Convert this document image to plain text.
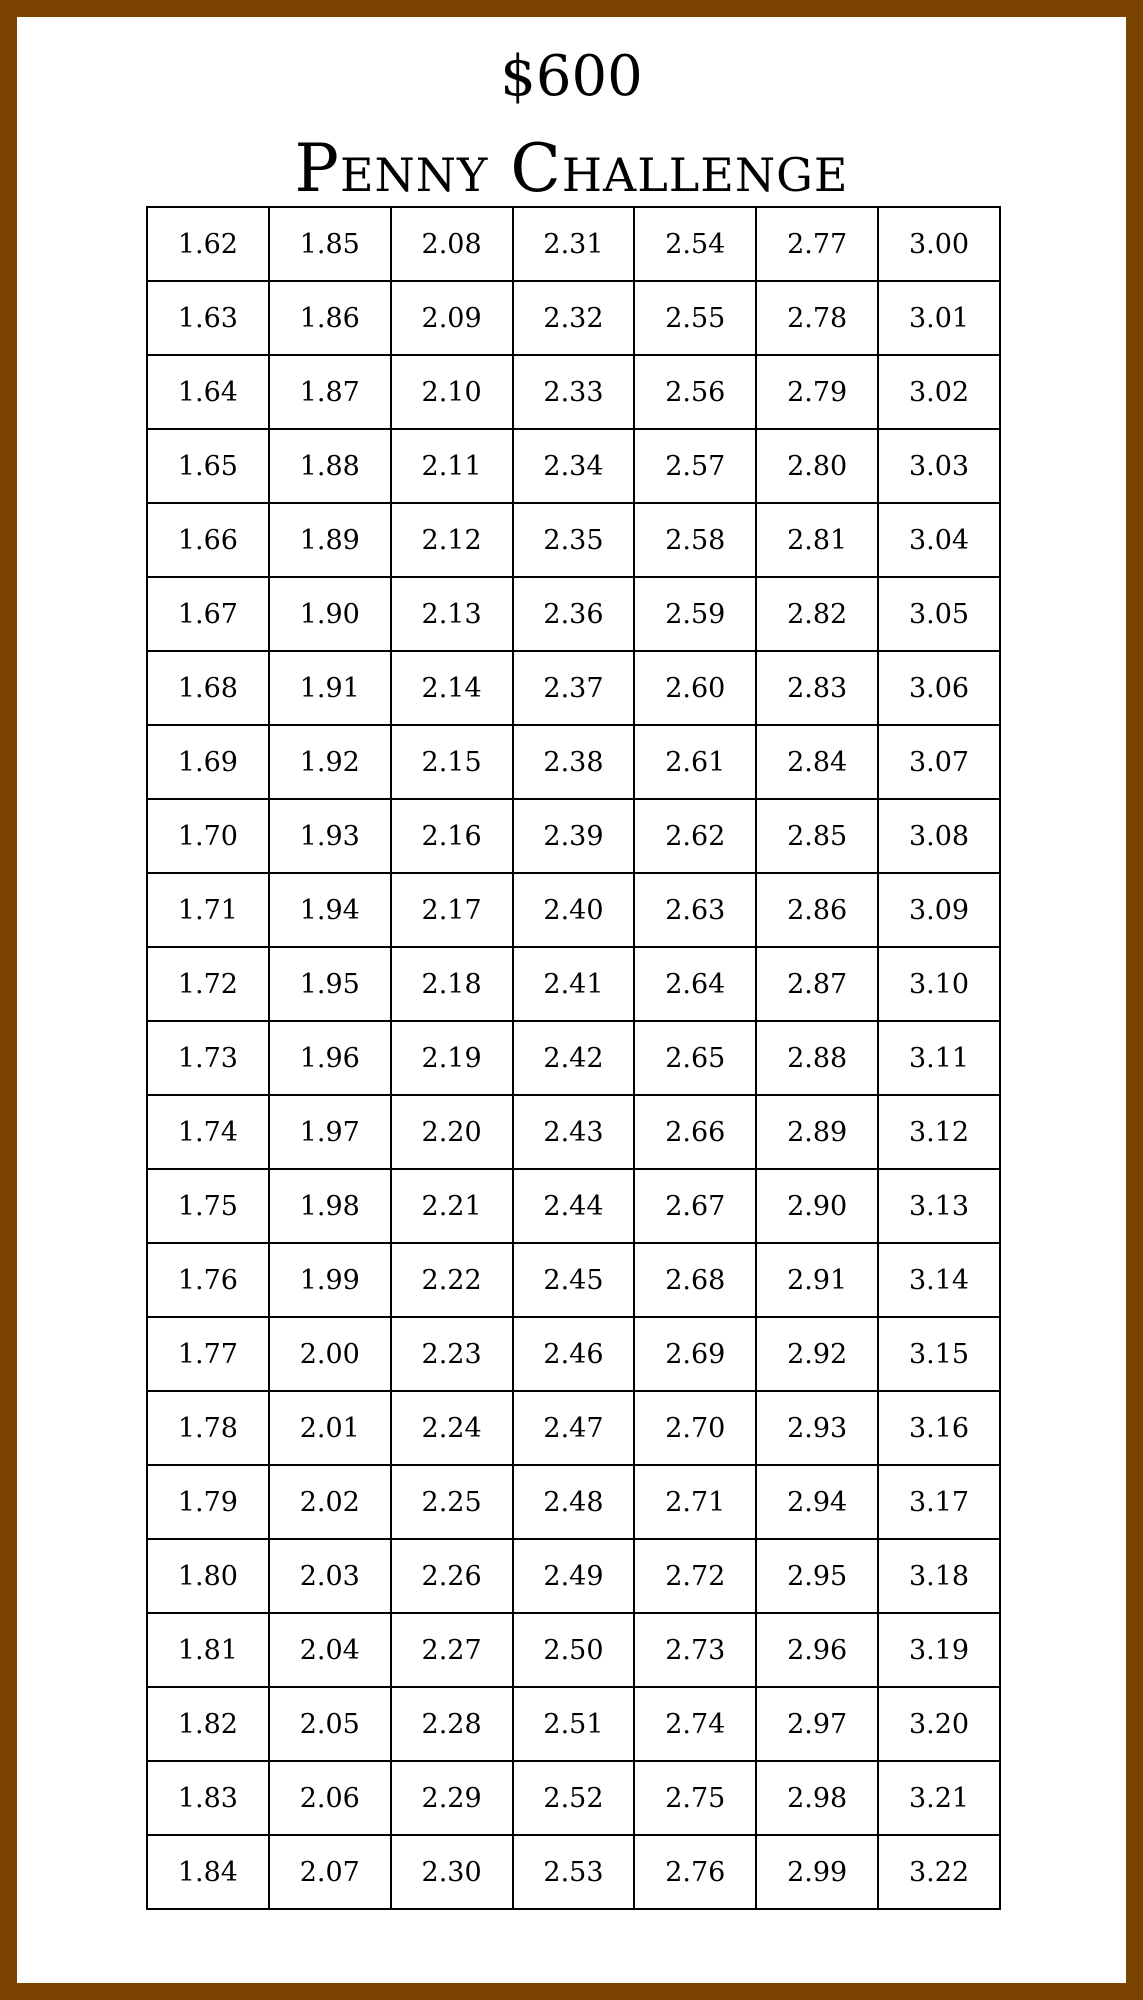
$600
Penny Challenge
1.62	1.85	2.08	2.31	2.54	2.77	3.00
1.63	1.86	2.09	2.32	2.55	2.78	3.01
1.64	1.87	2.10	2.33	2.56	2.79	3.02
1.65	1.88	2.11	2.34	2.57	2.80	3.03
1.66	1.89	2.12	2.35	2.58	2.81	3.04
1.67	1.90	2.13	2.36	2.59	2.82	3.05
1.68	1.91	2.14	2.37	2.60	2.83	3.06
1.69	1.92	2.15	2.38	2.61	2.84	3.07
1.70	1.93	2.16	2.39	2.62	2.85	3.08
1.71	1.94	2.17	2.40	2.63	2.86	3.09
1.72	1.95	2.18	2.41	2.64	2.87	3.10
1.73	1.96	2.19	2.42	2.65	2.88	3.11
1.74	1.97	2.20	2.43	2.66	2.89	3.12
1.75	1.98	2.21	2.44	2.67	2.90	3.13
1.76	1.99	2.22	2.45	2.68	2.91	3.14
1.77	2.00	2.23	2.46	2.69	2.92	3.15
1.78	2.01	2.24	2.47	2.70	2.93	3.16
1.79	2.02	2.25	2.48	2.71	2.94	3.17
1.80	2.03	2.26	2.49	2.72	2.95	3.18
1.81	2.04	2.27	2.50	2.73	2.96	3.19
1.82	2.05	2.28	2.51	2.74	2.97	3.20
1.83	2.06	2.29	2.52	2.75	2.98	3.21
1.84	2.07	2.30	2.53	2.76	2.99	3.22
